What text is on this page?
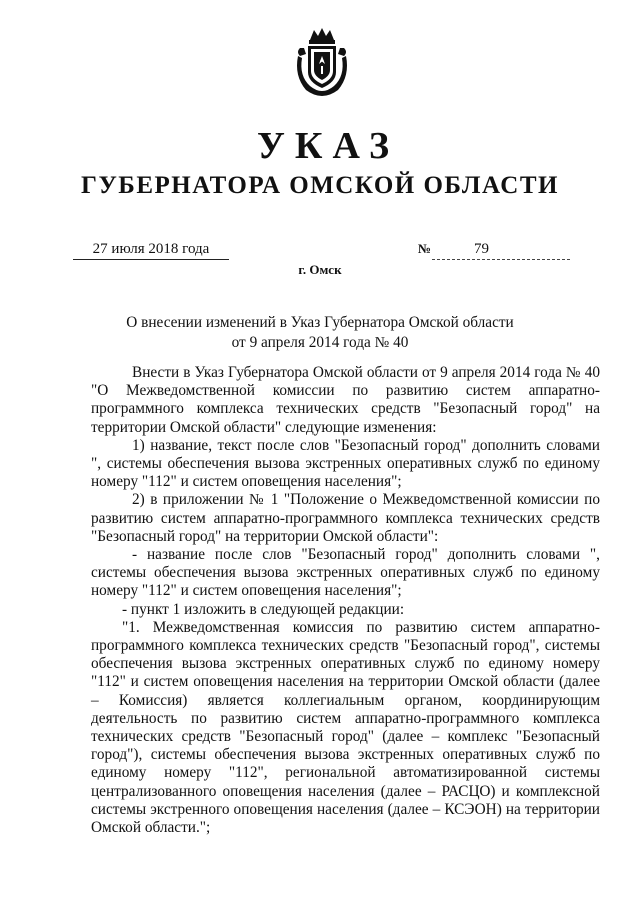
УКАЗ
ГУБЕРНАТОРА ОМСКОЙ ОБЛАСТИ
27 июля 2018 года	№	79
г. Омск
О внесении изменений в Указ Губернатора Омской области
от 9 апреля 2014 года № 40

Внести в Указ Губернатора Омской области от 9 апреля 2014 года № 40 "О Межведомственной комиссии по развитию систем аппаратно-программного комплекса технических средств "Безопасный город" на территории Омской области" следующие изменения:

1) название, текст после слов "Безопасный город" дополнить словами ", системы обеспечения вызова экстренных оперативных служб по единому номеру "112" и систем оповещения населения";

2) в приложении № 1 "Положение о Межведомственной комиссии по развитию систем аппаратно-программного комплекса технических средств "Безопасный город" на территории Омской области":

- название после слов "Безопасный город" дополнить словами ", системы обеспечения вызова экстренных оперативных служб по единому номеру "112" и систем оповещения населения";

- пункт 1 изложить в следующей редакции:

"1. Межведомственная комиссия по развитию систем аппаратно-программного комплекса технических средств "Безопасный город", системы обеспечения вызова экстренных оперативных служб по единому номеру "112" и систем оповещения населения на территории Омской области (далее – Комиссия) является коллегиальным органом, координирующим деятельность по развитию систем аппаратно-программного комплекса технических средств "Безопасный город" (далее – комплекс "Безопасный город"), системы обеспечения вызова экстренных оперативных служб по единому номеру "112", региональной автоматизированной системы централизованного оповещения населения (далее – РАСЦО) и комплексной системы экстренного оповещения населения (далее – КСЭОН) на территории Омской области.";
